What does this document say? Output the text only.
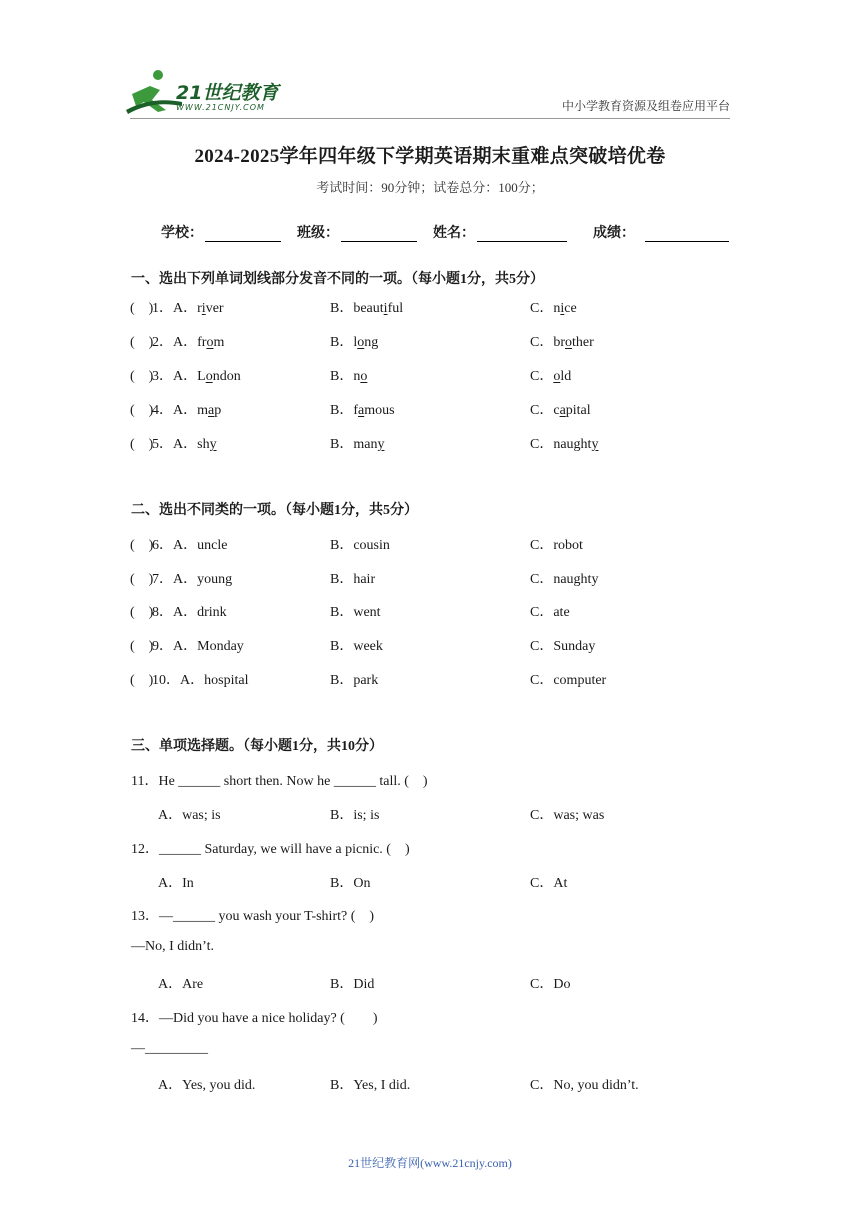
21世纪教育
WWW.21CNJY.COM	中小学教育资源及组卷应用平台
2024-2025学年四年级下学期英语期末重难点突破培优卷
考试时间：90分钟；试卷总分：100分；
学校：	班级：	姓名：	成绩：
一、选出下列单词划线部分发音不同的一项。（每小题1分，共5分）
(　)
1．A．river	B．beautiful	C．nice
(　)
2．A．from	B．long	C．brother
(　)
3．A．London	B．no	C．old
(　)
4．A．map	B．famous	C．capital
(　)
5．A．shy	B．many	C．naughty
二、选出不同类的一项。（每小题1分，共5分）
(　)
6．A．uncle	B．cousin	C．robot
(　)
7．A．young	B．hair	C．naughty
(　)
8．A．drink	B．went	C．ate
(　)
9．A．Monday	B．week	C．Sunday
(　)
10．A．hospital	B．park	C．computer
三、单项选择题。（每小题1分，共10分）
11．He ______ short then. Now he ______ tall. (　)
A．was; is	B．is; is	C．was; was
12．______ Saturday, we will have a picnic. (　)
A．In	B．On	C．At
13．—______ you wash your T-shirt? (　)
—No, I didn’t.
A．Are	B．Did	C．Do
14．—Did you have a nice holiday? (　　)
—_________
A．Yes, you did.	B．Yes, I did.	C．No, you didn’t.
21世纪教育网(www.21cnjy.com)
